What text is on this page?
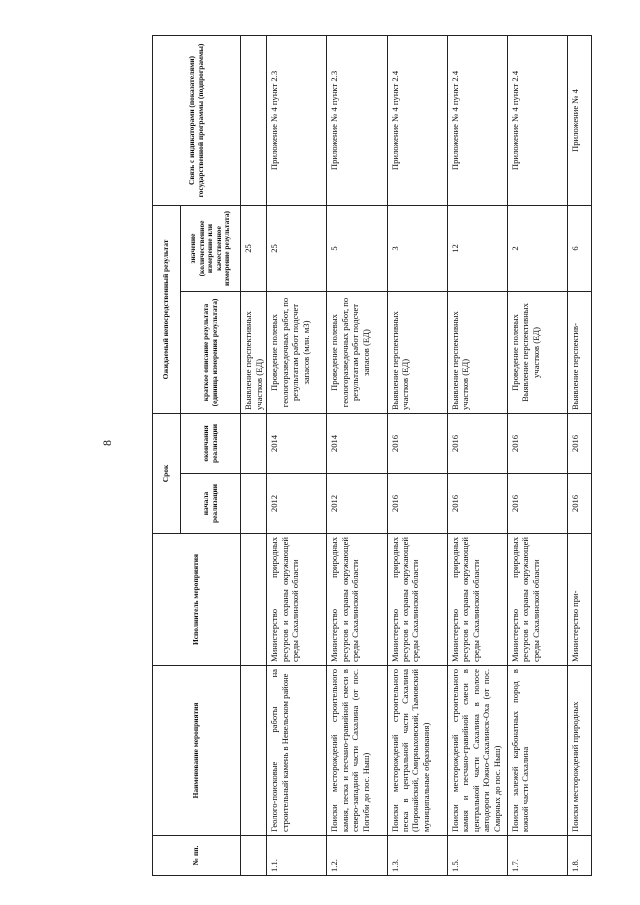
8
№ пп.	Наименование мероприятия	Исполнитель мероприятия	Срок		Ожидаемый непосредственный результат		Связь с индикаторами (показателями) государственной программы (подпрограммы)
			начала реализации	окончания реализации	краткое описание результата (единица измерения результата)	значение (количественное измерение или качественное измерение результата)	
					Выявление перспективных участков (ЕД)	25	
1.1.	Геолого-поисковые работы на строительный камень в Невельском районе	Министерство природных ресурсов и охраны окружающей среды Сахалинской области	2012	2014	Проведение полевых геологоразведочных работ, по результатам работ подсчет запасов (млн. м3)	25	Приложение № 4 пункт 2.3
1.2.	Поиски месторождений строительного камня, песка и песчано-гравийной смеси в северо-западной части Сахалина (от пос. Погиби до пос. Ныш)	Министерство природных ресурсов и охраны окружающей среды Сахалинской области	2012	2014	Проведение полевых геологоразведочных работ, по результатам работ подсчет запасов (ЕД)	5	Приложение № 4 пункт 2.3
1.3.	Поиски месторождений строительного песка в центральной части Сахалина (Поронайский, Смирныховский, Тымовский муниципальные образования)	Министерство природных ресурсов и охраны окружающей среды Сахалинской области	2016	2016	Выявление перспективных участков (ЕД)	3	Приложение № 4 пункт 2.4
1.5.	Поиски месторождений строительного камня и песчано-гравийной смеси в центральной части Сахалина в полосе автодороги Южно-Сахалинск-Оха (от пос. Смирных до пос. Ныш)	Министерство природных ресурсов и охраны окружающей среды Сахалинской области	2016	2016	Выявление перспективных участков (ЕД)	12	Приложение № 4 пункт 2.4
1.7.	Поиски залежей карбонатных пород в южной части Сахалина	Министерство природных ресурсов и охраны окружающей среды Сахалинской области	2016	2016	Проведение полевых Выявление перспективных участков (ЕД)	2	Приложение № 4 пункт 2.4
1.8.	Поиски месторождений природных	Министерство при-	2016	2016	Выявление перспектив-	6	Приложение № 4
